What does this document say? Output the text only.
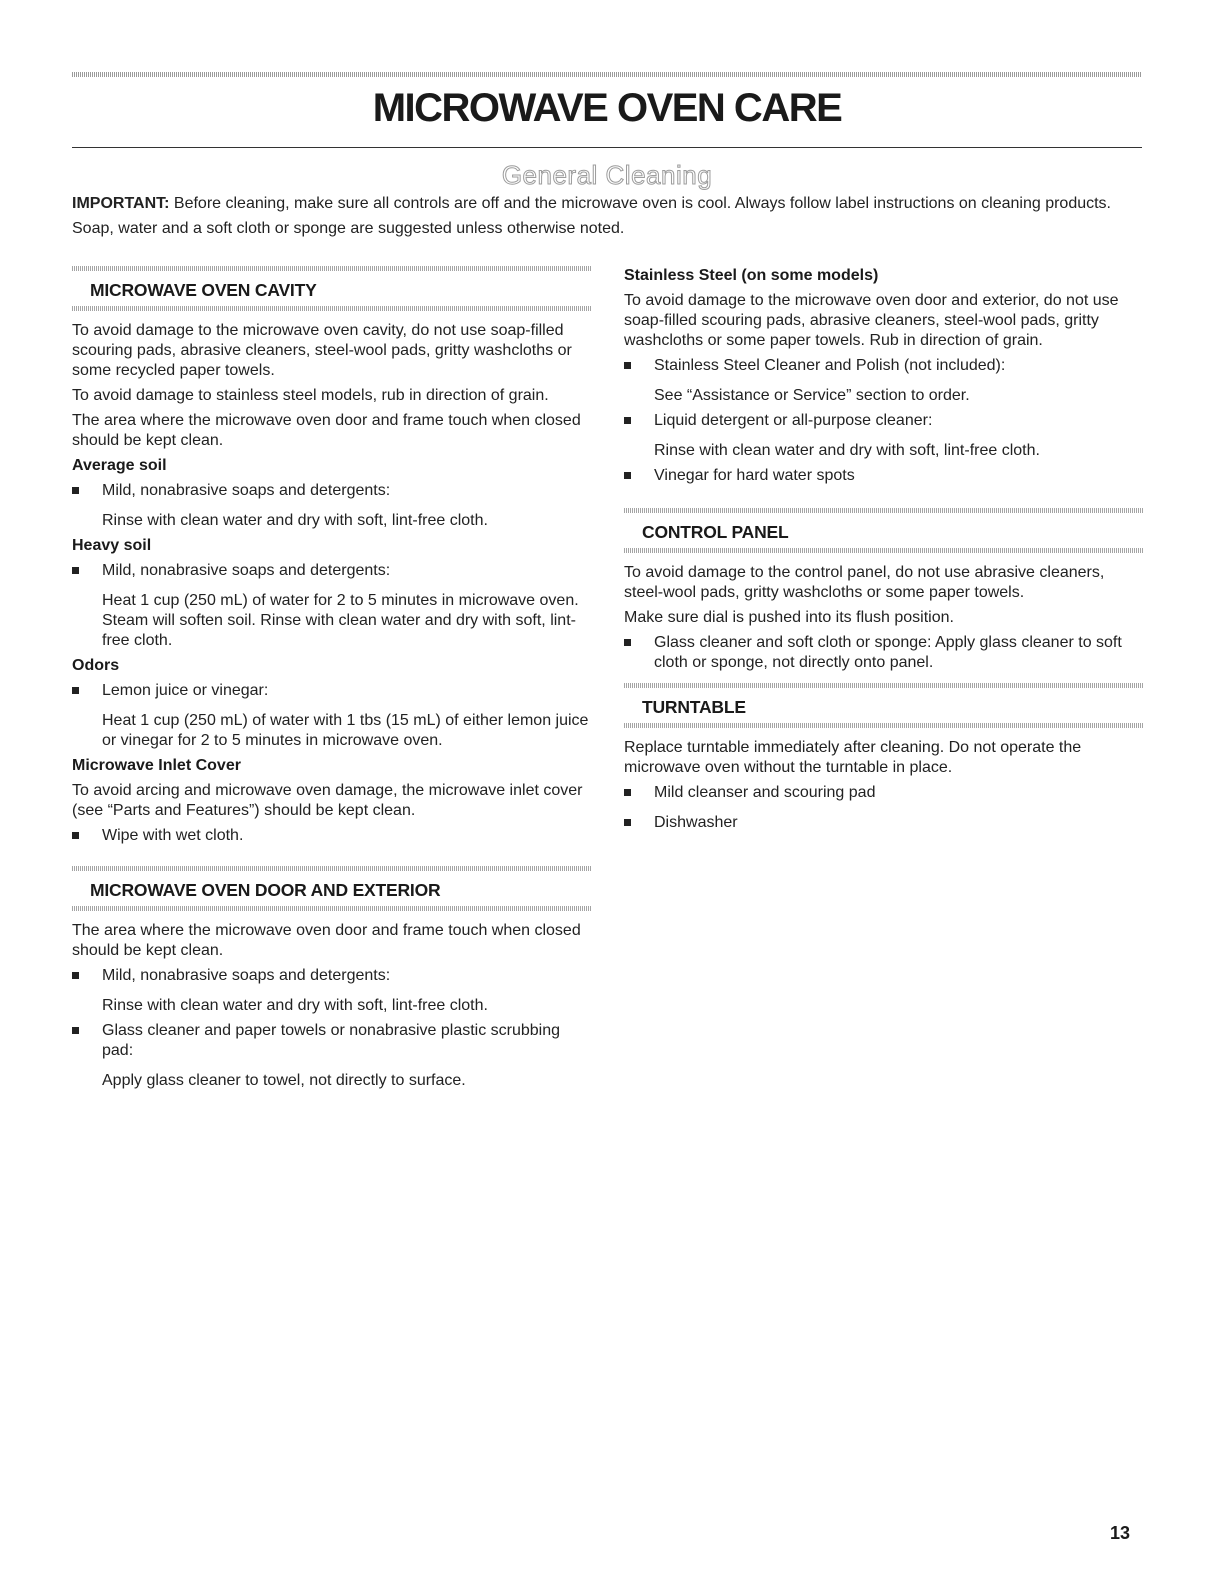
MICROWAVE OVEN CARE
General Cleaning

IMPORTANT: Before cleaning, make sure all controls are off and the microwave oven is cool. Always follow label instructions on cleaning products.

Soap, water and a soft cloth or sponge are suggested unless otherwise noted.

MICROWAVE OVEN CAVITY

To avoid damage to the microwave oven cavity, do not use soap-filled scouring pads, abrasive cleaners, steel-wool pads, gritty washcloths or some recycled paper towels.

To avoid damage to stainless steel models, rub in direction of grain.

The area where the microwave oven door and frame touch when closed should be kept clean.

Average soil

Mild, nonabrasive soaps and detergents:

Rinse with clean water and dry with soft, lint-free cloth.

Heavy soil

Mild, nonabrasive soaps and detergents:

Heat 1 cup (250 mL) of water for 2 to 5 minutes in microwave oven. Steam will soften soil. Rinse with clean water and dry with soft, lint-free cloth.

Odors

Lemon juice or vinegar:

Heat 1 cup (250 mL) of water with 1 tbs (15 mL) of either lemon juice or vinegar for 2 to 5 minutes in microwave oven.

Microwave Inlet Cover

To avoid arcing and microwave oven damage, the microwave inlet cover (see “Parts and Features”) should be kept clean.

Wipe with wet cloth.
MICROWAVE OVEN DOOR AND EXTERIOR

The area where the microwave oven door and frame touch when closed should be kept clean.

Mild, nonabrasive soaps and detergents:

Rinse with clean water and dry with soft, lint-free cloth.

Glass cleaner and paper towels or nonabrasive plastic scrubbing pad:

Apply glass cleaner to towel, not directly to surface.

Stainless Steel (on some models)

To avoid damage to the microwave oven door and exterior, do not use soap-filled scouring pads, abrasive cleaners, steel-wool pads, gritty washcloths or some paper towels. Rub in direction of grain.

Stainless Steel Cleaner and Polish (not included):

See “Assistance or Service” section to order.

Liquid detergent or all-purpose cleaner:

Rinse with clean water and dry with soft, lint-free cloth.

Vinegar for hard water spots
CONTROL PANEL

To avoid damage to the control panel, do not use abrasive cleaners, steel-wool pads, gritty washcloths or some paper towels.

Make sure dial is pushed into its flush position.

Glass cleaner and soft cloth or sponge: Apply glass cleaner to soft cloth or sponge, not directly onto panel.
TURNTABLE

Replace turntable immediately after cleaning. Do not operate the microwave oven without the turntable in place.

Mild cleanser and scouring pad
Dishwasher
13
